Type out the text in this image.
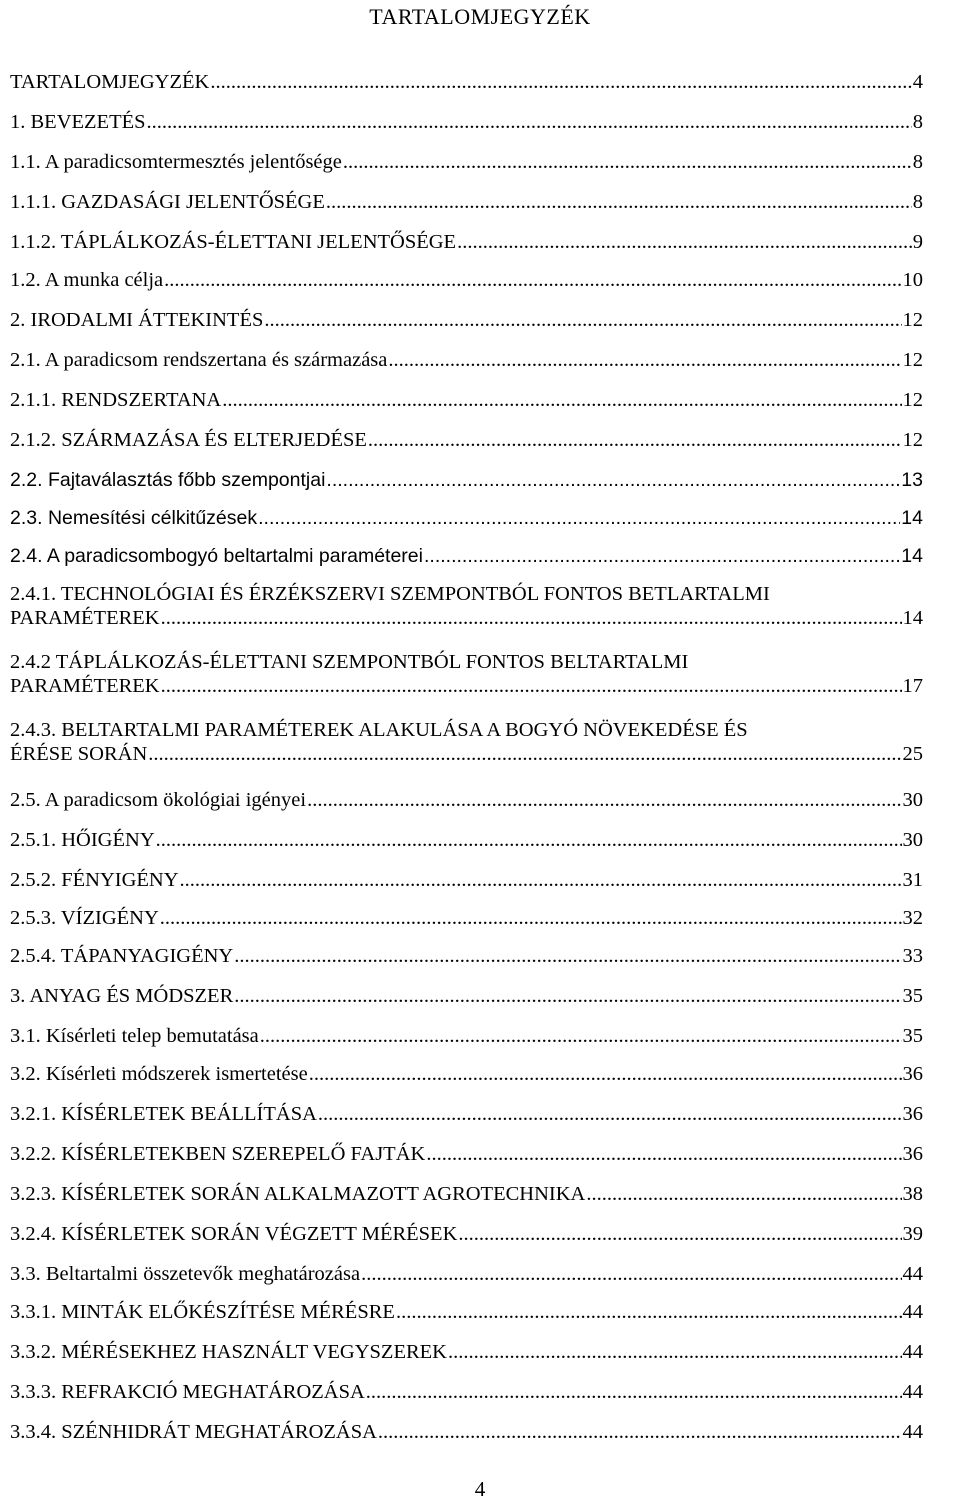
TARTALOMJEGYZÉK
TARTALOMJEGYZÉK .....	4
1. BEVEZETÉS .....	8
1.1. A paradicsomtermesztés jelentősége .....	8
1.1.1. GAZDASÁGI JELENTŐSÉGE .....	8
1.1.2. TÁPLÁLKOZÁS-ÉLETTANI JELENTŐSÉGE .....	9
1.2. A munka célja .....	10
2. IRODALMI ÁTTEKINTÉS .....	12
2.1. A paradicsom rendszertana és származása .....	12
2.1.1. RENDSZERTANA .....	12
2.1.2. SZÁRMAZÁSA ÉS ELTERJEDÉSE .....	12
2.2. Fajtaválasztás főbb szempontjai .....	13
2.3. Nemesítési célkitűzések .....	14
2.4. A paradicsombogyó beltartalmi paraméterei .....	14
2.4.1. TECHNOLÓGIAI ÉS ÉRZÉKSZERVI SZEMPONTBÓL FONTOS BETLARTALMI
PARAMÉTEREK .....	14
2.4.2 TÁPLÁLKOZÁS-ÉLETTANI SZEMPONTBÓL FONTOS BELTARTALMI
PARAMÉTEREK .....	17
2.4.3. BELTARTALMI PARAMÉTEREK ALAKULÁSA A BOGYÓ NÖVEKEDÉSE ÉS
ÉRÉSE SORÁN .....	25
2.5. A paradicsom ökológiai igényei .....	30
2.5.1. HŐIGÉNY .....	30
2.5.2. FÉNYIGÉNY .....	31
2.5.3. VÍZIGÉNY .....	32
2.5.4. TÁPANYAGIGÉNY .....	33
3. ANYAG ÉS MÓDSZER .....	35
3.1. Kísérleti telep bemutatása .....	35
3.2. Kísérleti módszerek ismertetése .....	36
3.2.1. KÍSÉRLETEK BEÁLLÍTÁSA .....	36
3.2.2. KÍSÉRLETEKBEN SZEREPELŐ FAJTÁK .....	36
3.2.3. KÍSÉRLETEK SORÁN ALKALMAZOTT AGROTECHNIKA .....	38
3.2.4. KÍSÉRLETEK SORÁN VÉGZETT MÉRÉSEK .....	39
3.3. Beltartalmi összetevők meghatározása .....	44
3.3.1. MINTÁK ELŐKÉSZÍTÉSE MÉRÉSRE .....	44
3.3.2. MÉRÉSEKHEZ HASZNÁLT VEGYSZEREK .....	44
3.3.3. REFRAKCIÓ MEGHATÁROZÁSA .....	44
3.3.4. SZÉNHIDRÁT MEGHATÁROZÁSA .....	44
4
